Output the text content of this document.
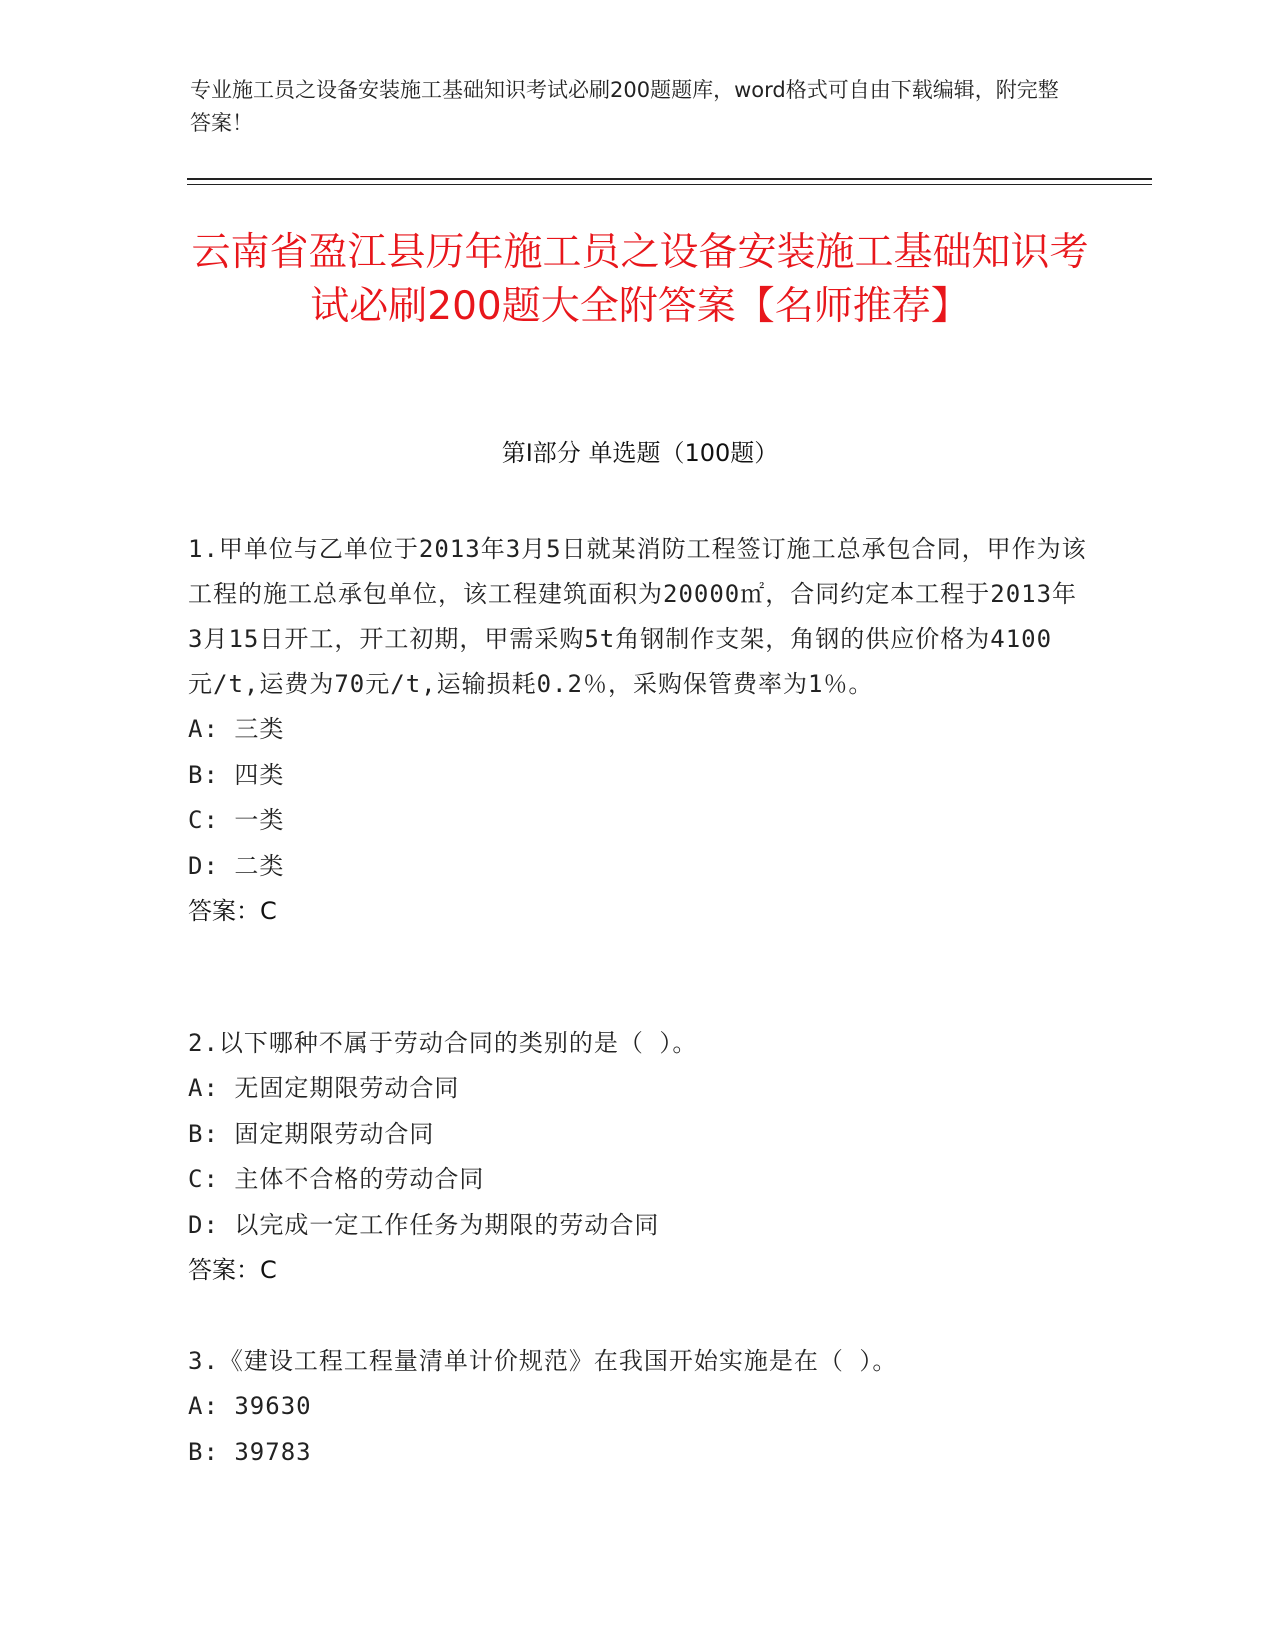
专业施工员之设备安装施工基础知识考试必刷200题题库，word格式可自由下载编辑，附完整答案！
云南省盈江县历年施工员之设备安装施工基础知识考试必刷200题大全附答案【名师推荐】
第Ⅰ部分 单选题（100题）

1.甲单位与乙单位于2013年3月5日就某消防工程签订施工总承包合同，甲作为该工程的施工总承包单位，该工程建筑面积为20000㎡，合同约定本工程于2013年3月15日开工，开工初期，甲需采购5t角钢制作支架，角钢的供应价格为4100元/t,运费为70元/t,运输损耗0.2％，采购保管费率为1％。

A: 三类

B: 四类

C: 一类

D: 二类

答案：C

2.以下哪种不属于劳动合同的类别的是（ ）。

A: 无固定期限劳动合同

B: 固定期限劳动合同

C: 主体不合格的劳动合同

D: 以完成一定工作任务为期限的劳动合同

答案：C

3.《建设工程工程量清单计价规范》在我国开始实施是在（ ）。

A: 39630

B: 39783
